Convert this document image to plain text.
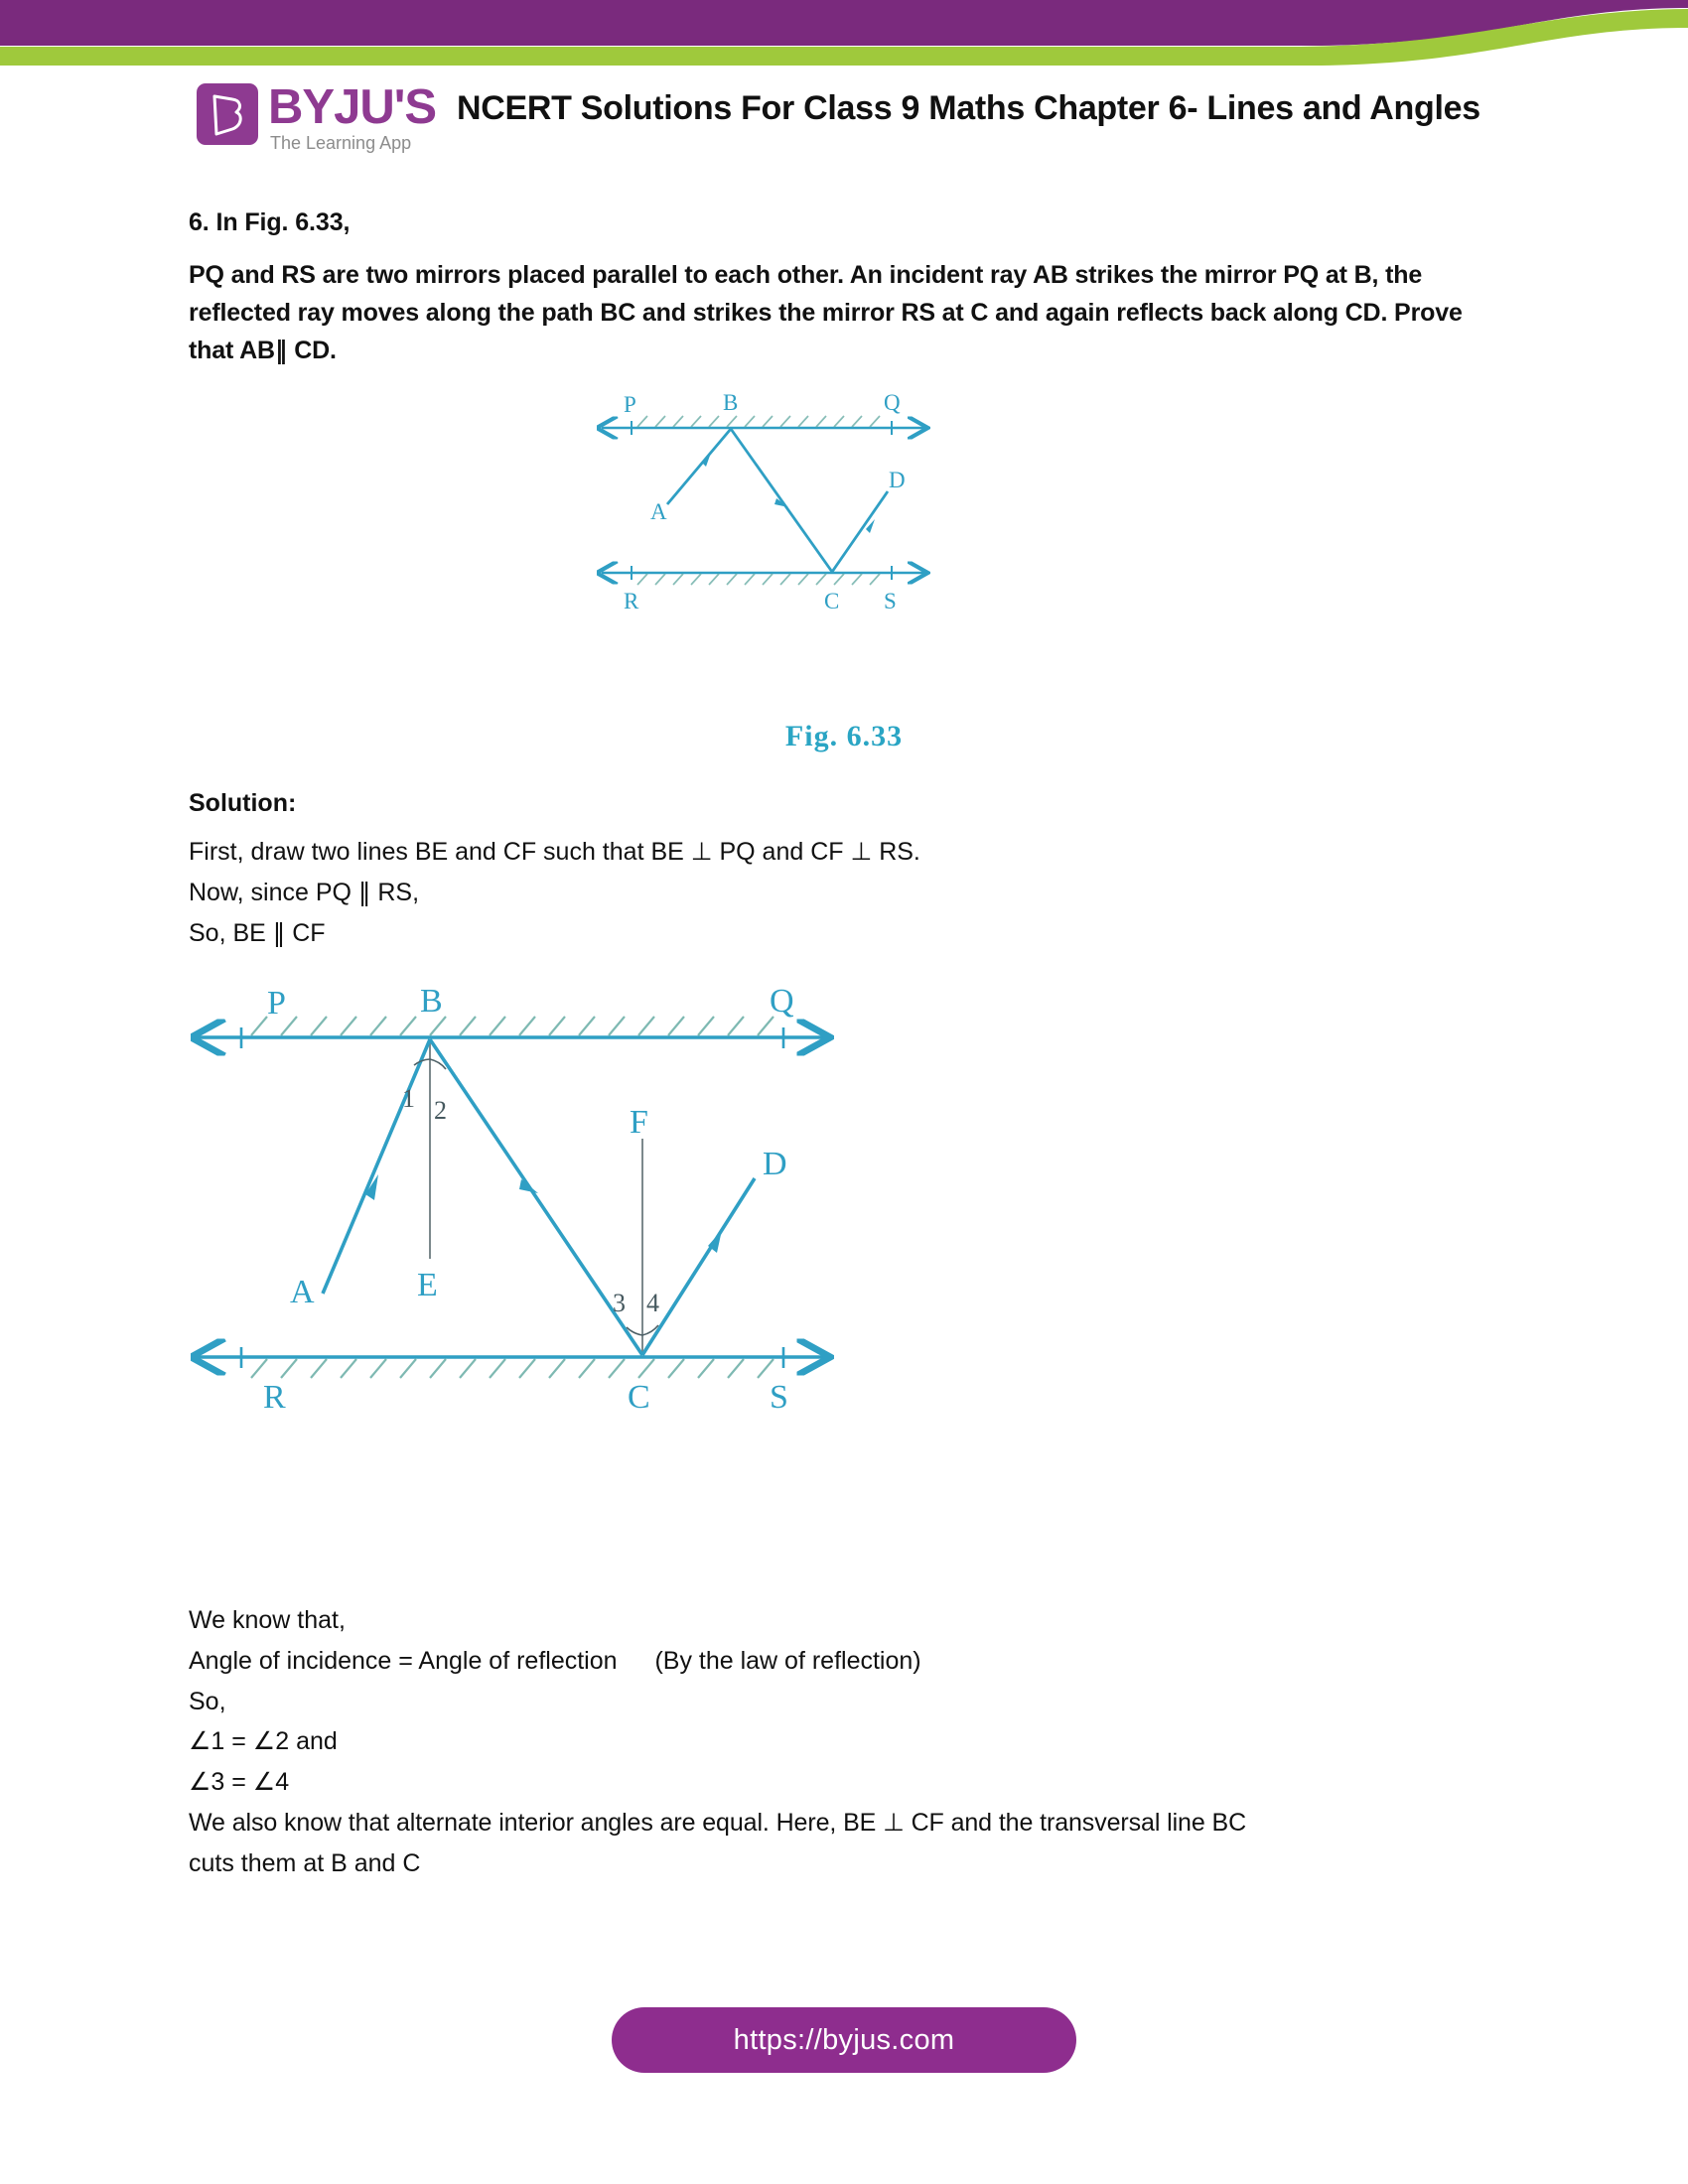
BYJU'S
The Learning App
NCERT Solutions For Class 9 Maths Chapter 6- Lines and Angles
6. In Fig. 6.33,
PQ and RS are two mirrors placed parallel to each other. An incident ray AB strikes the mirror PQ at B, the reflected ray moves along the path BC and strikes the mirror RS at C and again reflects back along CD. Prove that AB‖ CD.
P	B	Q
A
D
R	C S
Fig. 6.33
Solution:
First, draw two lines BE and CF such that BE ⊥ PQ and CF ⊥ RS.
Now, since PQ ‖ RS,
So, BE ‖ CF
P	B	Q
A	E
F
D
R	C	S
1 2
3 4
We know that,
Angle of incidence = Angle of reflection (By the law of reflection)
So,
∠1 = ∠2 and
∠3 = ∠4
We also know that alternate interior angles are equal. Here, BE ⊥ CF and the transversal line BC
cuts them at B and C
https://byjus.com
